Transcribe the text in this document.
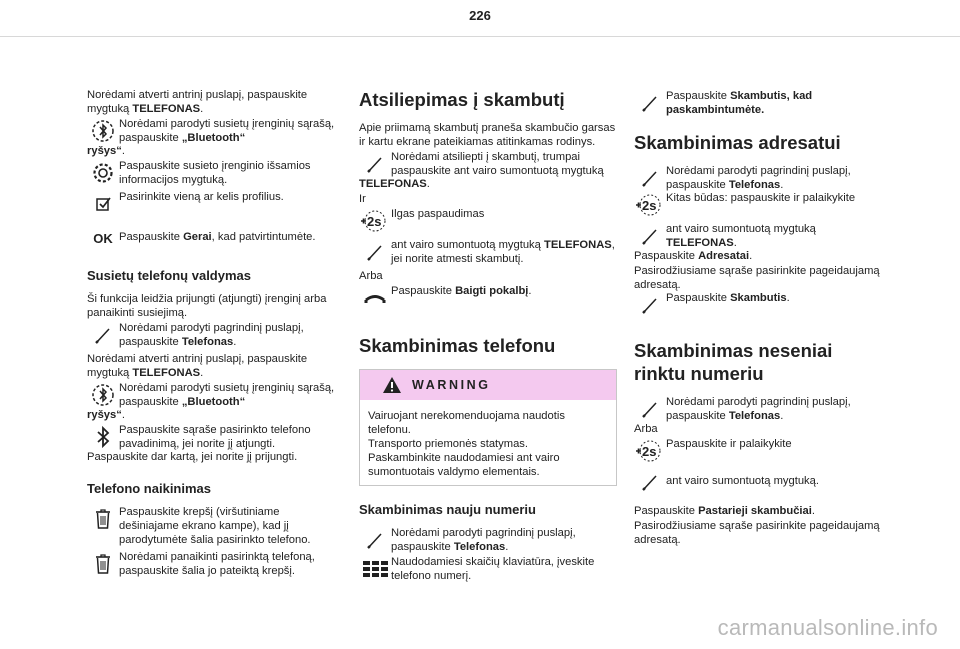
226

Norėdami atverti antrinį puslapį, paspauskite mygtuką TELEFONAS.

Norėdami parodyti susietų įrenginių sąrašą, paspauskite „Bluetooth“

ryšys“.

Paspauskite susieto įrenginio išsamios informacijos mygtuką.
Pasirinkite vieną ar kelis profilius.
OK Paspauskite Gerai, kad patvirtintumėte.
Susietų telefonų valdymas

Ši funkcija leidžia prijungti (atjungti) įrenginį arba panaikinti susiejimą.

Norėdami parodyti pagrindinį puslapį, paspauskite Telefonas.

Norėdami atverti antrinį puslapį, paspauskite mygtuką TELEFONAS.

Norėdami parodyti susietų įrenginių sąrašą, paspauskite „Bluetooth“

ryšys“.

Paspauskite sąraše pasirinkto telefono pavadinimą, jei norite jį atjungti.

Paspauskite dar kartą, jei norite jį prijungti.

Telefono naikinimas
Paspauskite krepšį (viršutiniame dešiniajame ekrano kampe), kad jį parodytumėte šalia pasirinkto telefono.
Norėdami panaikinti pasirinktą telefoną, paspauskite šalia jo pateiktą krepšį.
Atsiliepimas į skambutį

Apie priimamą skambutį praneša skambučio garsas ir kartu ekrane pateikiamas atitinkamas rodinys.

Norėdami atsiliepti į skambutį, trumpai paspauskite ant vairo sumontuotą mygtuką

TELEFONAS.

Ir

2s Ilgas paspaudimas
ant vairo sumontuotą mygtuką TELEFONAS, jei norite atmesti skambutį.

Arba

Paspauskite Baigti pokalbį.
Skambinimas telefonu
WARNING
Vairuojant nerekomenduojama naudotis telefonu.
Transporto priemonės statymas.
Paskambinkite naudodamiesi ant vairo sumontuotais valdymo elementais.
Skambinimas nauju numeriu
Norėdami parodyti pagrindinį puslapį, paspauskite Telefonas.
Naudodamiesi skaičių klaviatūra, įveskite telefono numerį.
Paspauskite Skambutis, kad paskambintumėte.
Skambinimas adresatui
Norėdami parodyti pagrindinį puslapį, paspauskite Telefonas.
2s Kitas būdas: paspauskite ir palaikykite
ant vairo sumontuotą mygtuką TELEFONAS.

Paspauskite Adresatai.

Pasirodžiusiame sąraše pasirinkite pageidaujamą adresatą.

Paspauskite Skambutis.
Skambinimas neseniai rinktu numeriu
Norėdami parodyti pagrindinį puslapį, paspauskite Telefonas.

Arba

2s Paspauskite ir palaikykite
ant vairo sumontuotą mygtuką.

Paspauskite Pastarieji skambučiai.

Pasirodžiusiame sąraše pasirinkite pageidaujamą adresatą.

carmanualsonline.info
